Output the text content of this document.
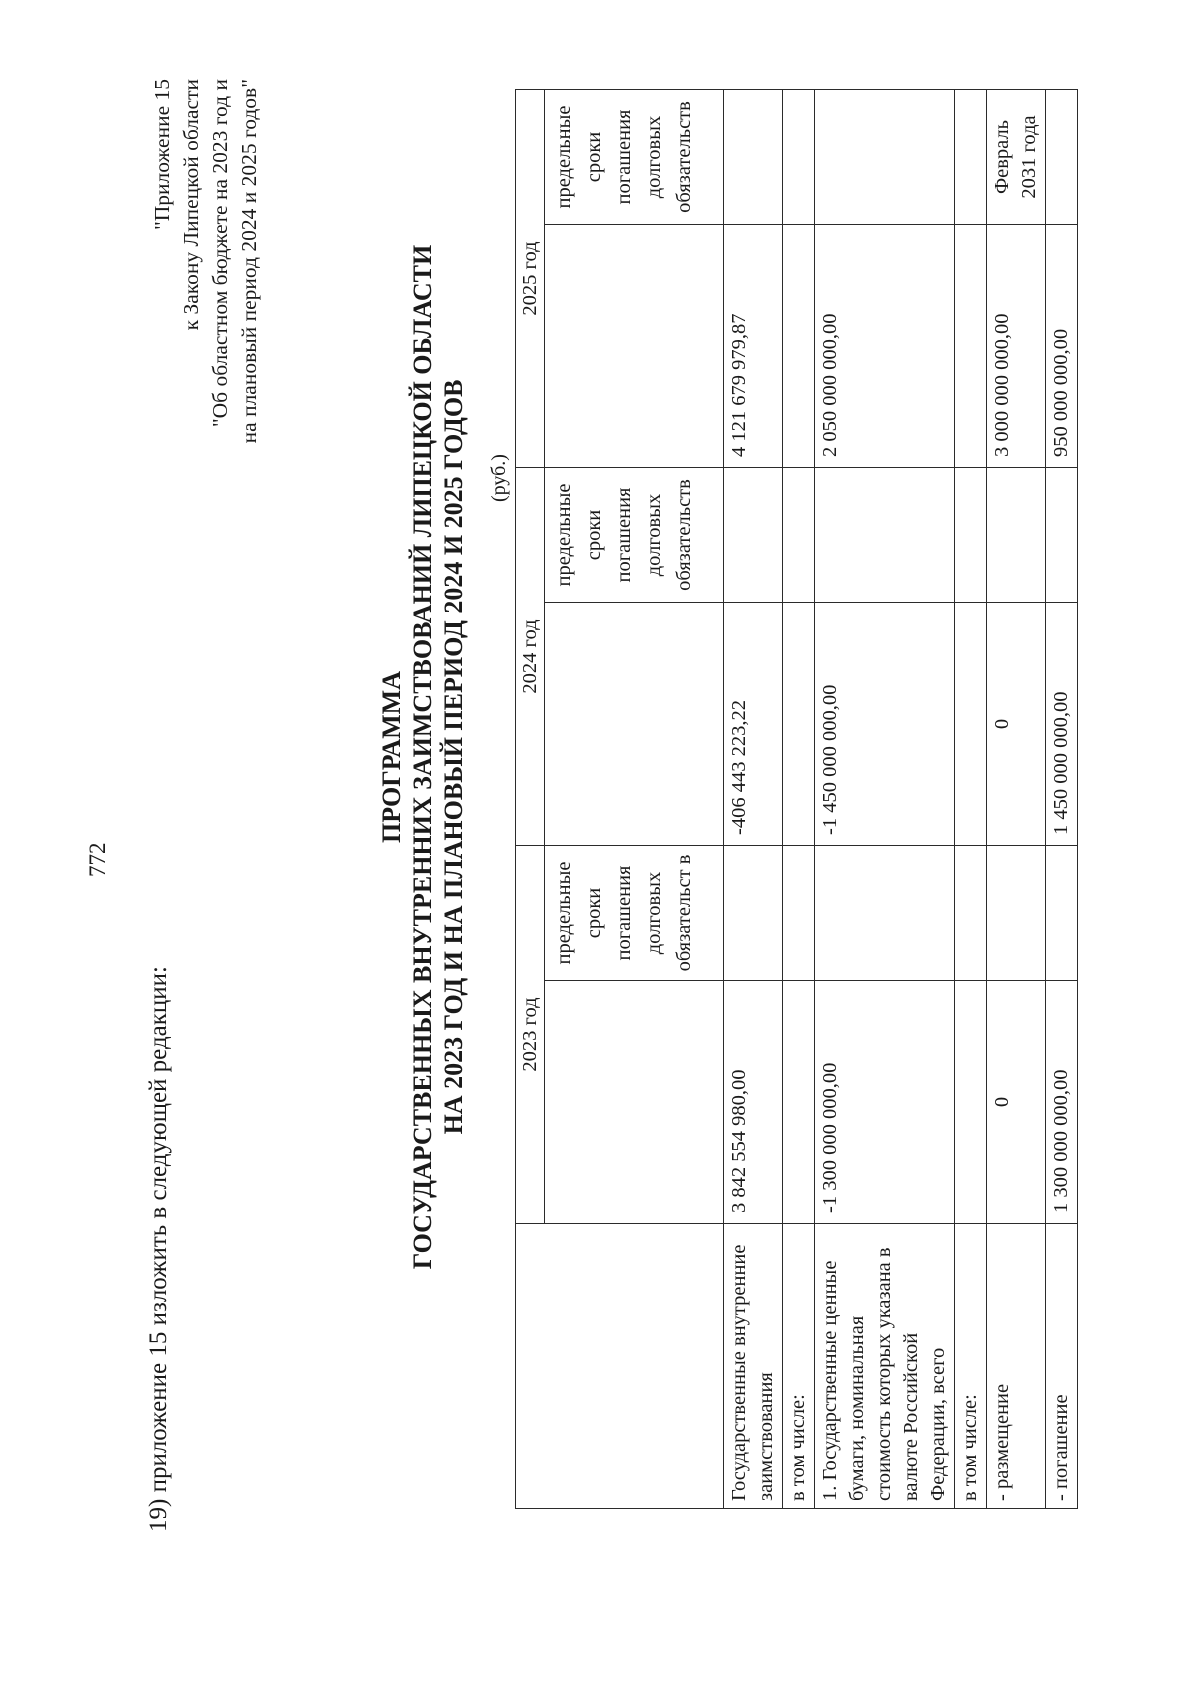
772
19) приложение 15 изложить в следующей редакции:
"Приложение 15 к Закону Липецкой области "Об областном бюджете на 2023 год и на плановый период 2024 и 2025 годов"
ПРОГРАММА ГОСУДАРСТВЕННЫХ ВНУТРЕННИХ ЗАИМСТВОВАНИЙ ЛИПЕЦКОЙ ОБЛАСТИ НА 2023 ГОД И НА ПЛАНОВЫЙ ПЕРИОД 2024 И 2025 ГОДОВ (руб.)
	2023 год		2024 год		2025 год	
		предельные сроки погашения долговых обязательст в		предельные сроки погашения долговых обязательств		предельные сроки погашения долговых обязательств
Государственные внутренние заимствования	3 842 554 980,00		-406 443 223,22		4 121 679 979,87	
в том числе:						
1. Государственные ценные бумаги, номинальная стоимость которых указана в валюте Российской Федерации, всего	-1 300 000 000,00		-1 450 000 000,00		2 050 000 000,00	
в том числе:						
- размещение	0		0		3 000 000 000,00	Февраль 2031 года
- погашение	1 300 000 000,00		1 450 000 000,00		950 000 000,00	
